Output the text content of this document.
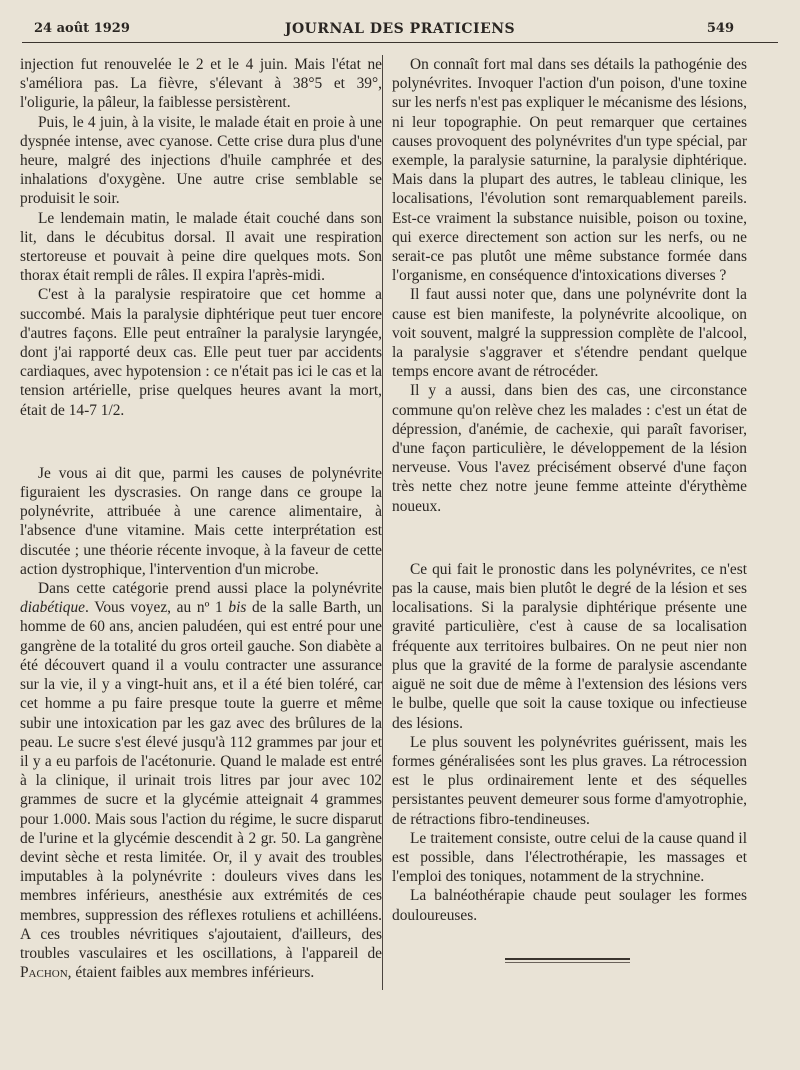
24 août 1929	JOURNAL DES PRATICIENS	549

injection fut renouvelée le 2 et le 4 juin. Mais l'état ne s'améliora pas. La fièvre, s'élevant à 38°5 et 39°, l'oligurie, la pâleur, la faiblesse persistèrent.

Puis, le 4 juin, à la visite, le malade était en proie à une dyspnée intense, avec cyanose. Cette crise dura plus d'une heure, malgré des injections d'huile camphrée et des inhalations d'oxygène. Une autre crise semblable se produisit le soir.

Le lendemain matin, le malade était couché dans son lit, dans le décubitus dorsal. Il avait une respiration stertoreuse et pouvait à peine dire quelques mots. Son thorax était rempli de râles. Il expira l'après-midi.

C'est à la paralysie respiratoire que cet homme a succombé. Mais la paralysie diphtérique peut tuer encore d'autres façons. Elle peut entraîner la paralysie laryngée, dont j'ai rapporté deux cas. Elle peut tuer par accidents cardiaques, avec hypotension : ce n'était pas ici le cas et la tension artérielle, prise quelques heures avant la mort, était de 14-7 1/2.

Je vous ai dit que, parmi les causes de polynévrite figuraient les dyscrasies. On range dans ce groupe la polynévrite, attribuée à une carence alimentaire, à l'absence d'une vitamine. Mais cette interprétation est discutée ; une théorie récente invoque, à la faveur de cette action dystrophique, l'intervention d'un microbe.

Dans cette catégorie prend aussi place la polynévrite diabétique. Vous voyez, au nº 1 bis de la salle Barth, un homme de 60 ans, ancien paludéen, qui est entré pour une gangrène de la totalité du gros orteil gauche. Son diabète a été découvert quand il a voulu contracter une assurance sur la vie, il y a vingt-huit ans, et il a été bien toléré, car cet homme a pu faire presque toute la guerre et même subir une intoxication par les gaz avec des brûlures de la peau. Le sucre s'est élevé jusqu'à 112 grammes par jour et il y a eu parfois de l'acétonurie. Quand le malade est entré à la clinique, il urinait trois litres par jour avec 102 grammes de sucre et la glycémie atteignait 4 grammes pour 1.000. Mais sous l'action du régime, le sucre disparut de l'urine et la glycémie descendit à 2 gr. 50. La gangrène devint sèche et resta limitée. Or, il y avait des troubles imputables à la polynévrite : douleurs vives dans les membres inférieurs, anesthésie aux extrémités de ces membres, suppression des réflexes rotuliens et achilléens. A ces troubles névritiques s'ajoutaient, d'ailleurs, des troubles vasculaires et les oscillations, à l'appareil de Pachon, étaient faibles aux membres inférieurs.

On connaît fort mal dans ses détails la pathogénie des polynévrites. Invoquer l'action d'un poison, d'une toxine sur les nerfs n'est pas expliquer le mécanisme des lésions, ni leur topographie. On peut remarquer que certaines causes provoquent des polynévrites d'un type spécial, par exemple, la paralysie saturnine, la paralysie diphtérique. Mais dans la plupart des autres, le tableau clinique, les localisations, l'évolution sont remarquablement pareils. Est-ce vraiment la substance nuisible, poison ou toxine, qui exerce directement son action sur les nerfs, ou ne serait-ce pas plutôt une même substance formée dans l'organisme, en conséquence d'intoxications diverses ?

Il faut aussi noter que, dans une polynévrite dont la cause est bien manifeste, la polynévrite alcoolique, on voit souvent, malgré la suppression complète de l'alcool, la paralysie s'aggraver et s'étendre pendant quelque temps encore avant de rétrocéder.

Il y a aussi, dans bien des cas, une circonstance commune qu'on relève chez les malades : c'est un état de dépression, d'anémie, de cachexie, qui paraît favoriser, d'une façon particulière, le développement de la lésion nerveuse. Vous l'avez précisément observé d'une façon très nette chez notre jeune femme atteinte d'érythème noueux.

Ce qui fait le pronostic dans les polynévrites, ce n'est pas la cause, mais bien plutôt le degré de la lésion et ses localisations. Si la paralysie diphtérique présente une gravité particulière, c'est à cause de sa localisation fréquente aux territoires bulbaires. On ne peut nier non plus que la gravité de la forme de paralysie ascendante aiguë ne soit due de même à l'extension des lésions vers le bulbe, quelle que soit la cause toxique ou infectieuse des lésions.

Le plus souvent les polynévrites guérissent, mais les formes généralisées sont les plus graves. La rétrocession est le plus ordinairement lente et des séquelles persistantes peuvent demeurer sous forme d'amyotrophie, de rétractions fibro-tendineuses.

Le traitement consiste, outre celui de la cause quand il est possible, dans l'électrothérapie, les massages et l'emploi des toniques, notamment de la strychnine.

La balnéothérapie chaude peut soulager les formes douloureuses.
